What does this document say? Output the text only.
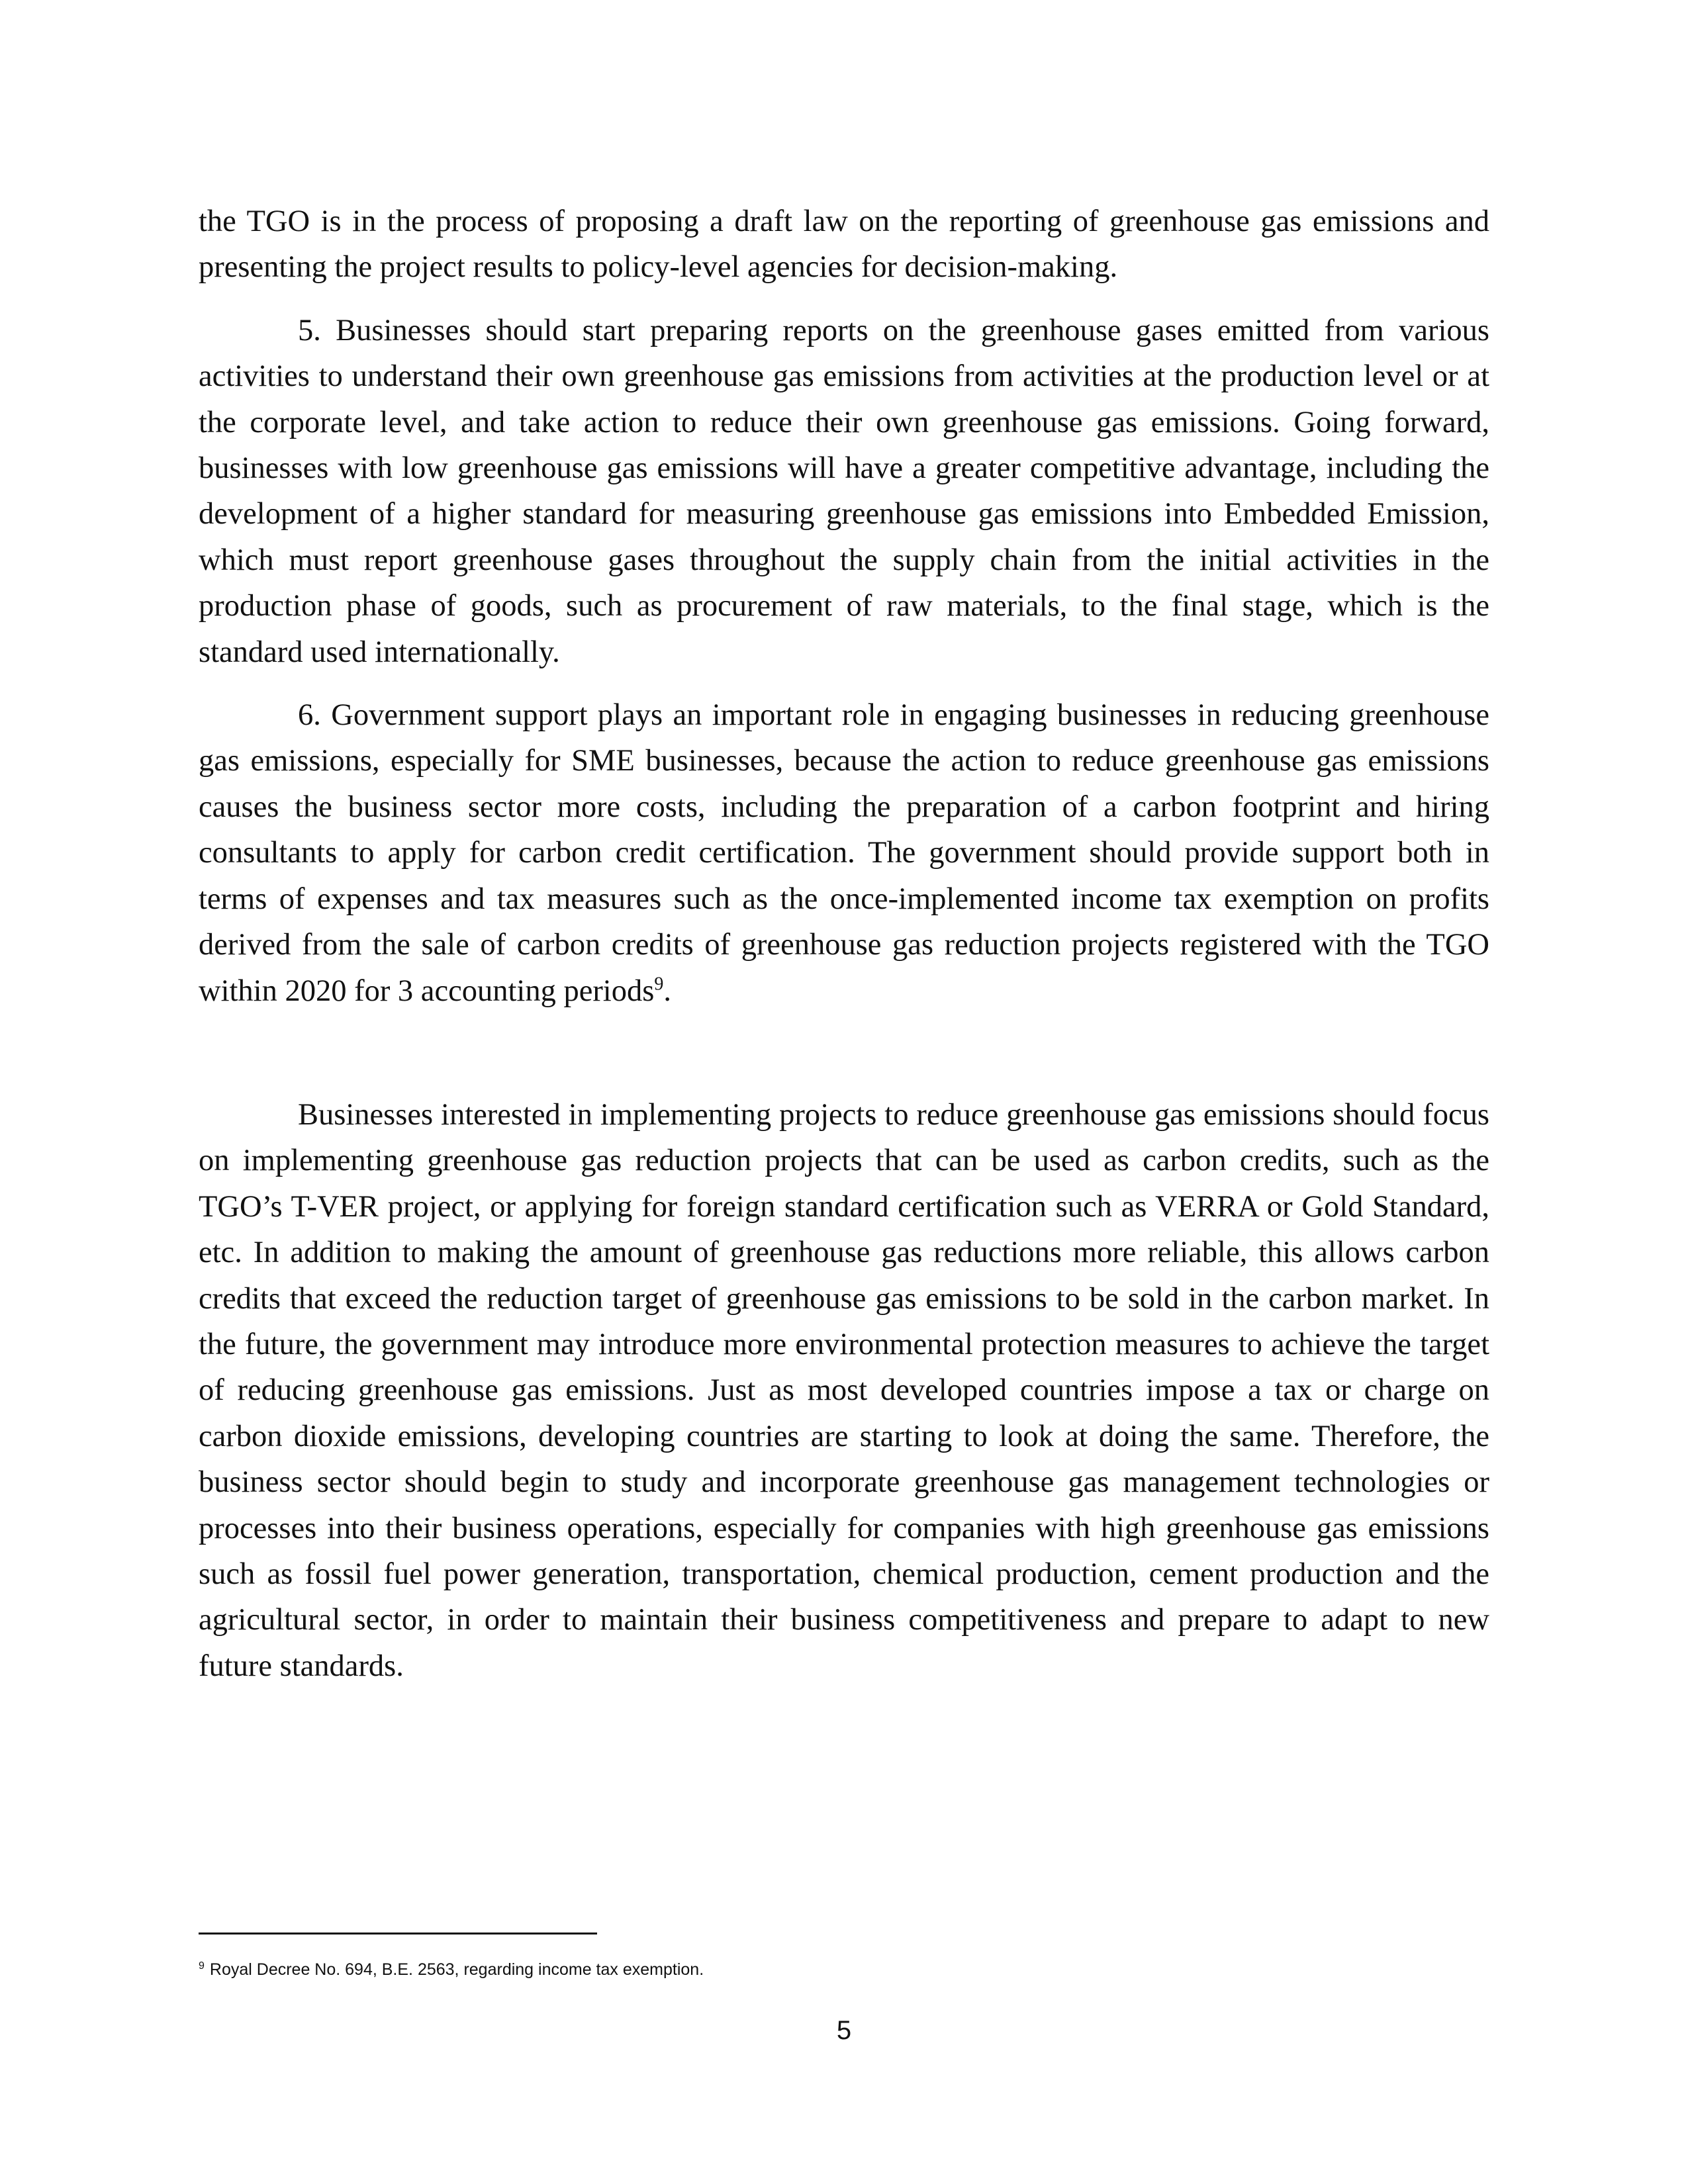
the TGO is in the process of proposing a draft law on the reporting of greenhouse gas emissions and presenting the project results to policy-level agencies for decision-making.

5. Businesses should start preparing reports on the greenhouse gases emitted from various activities to understand their own greenhouse gas emissions from activities at the production level or at the corporate level, and take action to reduce their own greenhouse gas emissions. Going forward, businesses with low greenhouse gas emissions will have a greater competitive advantage, including the development of a higher standard for measuring greenhouse gas emissions into Embedded Emission, which must report greenhouse gases throughout the supply chain from the initial activities in the production phase of goods, such as procurement of raw materials, to the final stage, which is the standard used internationally.

6. Government support plays an important role in engaging businesses in reducing greenhouse gas emissions, especially for SME businesses, because the action to reduce greenhouse gas emissions causes the business sector more costs, including the preparation of a carbon footprint and hiring consultants to apply for carbon credit certification. The government should provide support both in terms of expenses and tax measures such as the once-implemented income tax exemption on profits derived from the sale of carbon credits of greenhouse gas reduction projects registered with the TGO within 2020 for 3 accounting periods$^9$.

Businesses interested in implementing projects to reduce greenhouse gas emissions should focus on implementing greenhouse gas reduction projects that can be used as carbon credits, such as the TGO’s T-VER project, or applying for foreign standard certification such as VERRA or Gold Standard, etc. In addition to making the amount of greenhouse gas reductions more reliable, this allows carbon credits that exceed the reduction target of greenhouse gas emissions to be sold in the carbon market. In the future, the government may introduce more environmental protection measures to achieve the target of reducing greenhouse gas emissions. Just as most developed countries impose a tax or charge on carbon dioxide emissions, developing countries are starting to look at doing the same. Therefore, the business sector should begin to study and incorporate greenhouse gas management technologies or processes into their business operations, especially for companies with high greenhouse gas emissions such as fossil fuel power generation, transportation, chemical production, cement production and the agricultural sector, in order to maintain their business competitiveness and prepare to adapt to new future standards.

$^9$ Royal Decree No. 694, B.E. 2563, regarding income tax exemption.
5
